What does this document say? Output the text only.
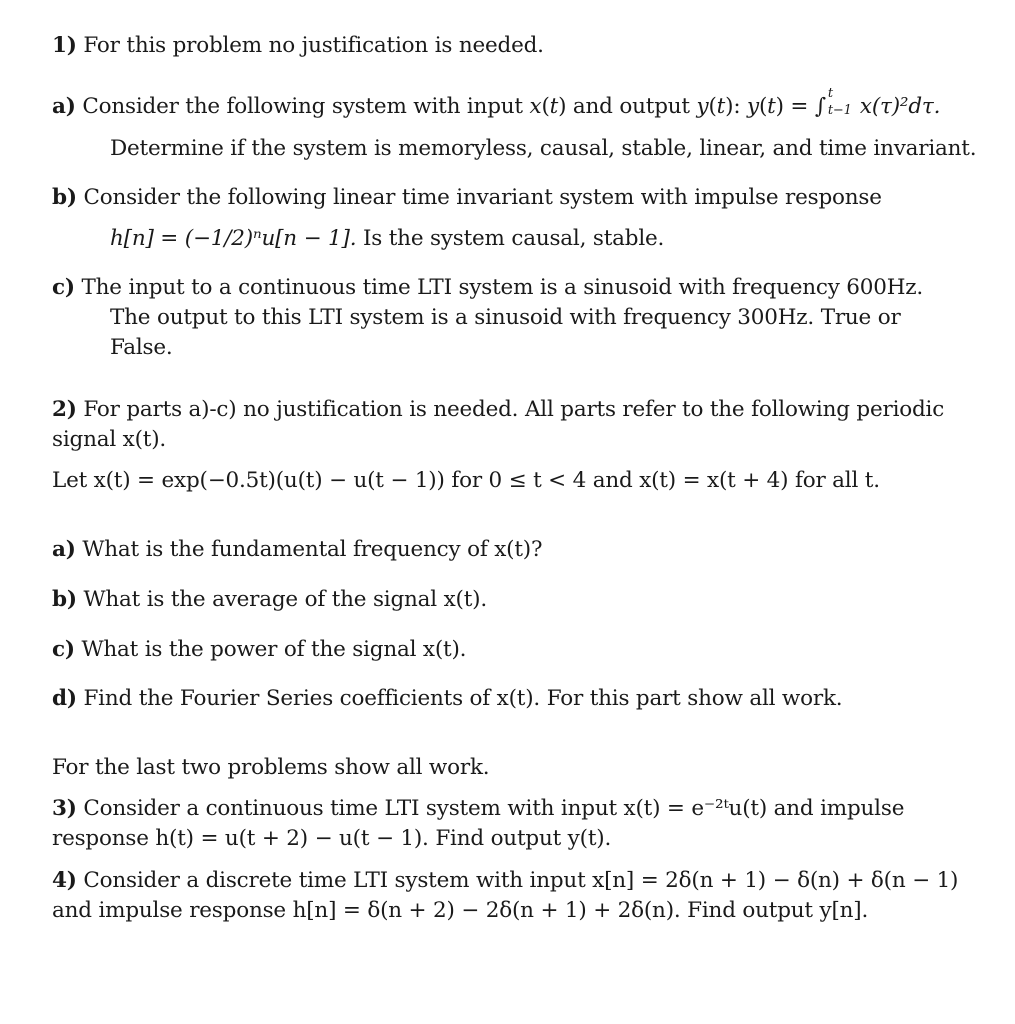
1) For this problem no justification is needed.
a) Consider the following system with input x(t) and output y(t): y(t) = ∫
t
t−1 x(τ)²dτ.
Determine if the system is memoryless, causal, stable, linear, and time invariant.
b) Consider the following linear time invariant system with impulse response
h[n] = (−1/2)ⁿu[n − 1]. Is the system causal, stable.
c) The input to a continuous time LTI system is a sinusoid with frequency 600Hz.
The output to this LTI system is a sinusoid with frequency 300Hz. True or
False.
2) For parts a)-c) no justification is needed. All parts refer to the following periodic
signal x(t).
Let x(t) = exp(−0.5t)(u(t) − u(t − 1)) for 0 ≤ t < 4 and x(t) = x(t + 4) for all t.
a) What is the fundamental frequency of x(t)?
b) What is the average of the signal x(t).
c) What is the power of the signal x(t).
d) Find the Fourier Series coefficients of x(t). For this part show all work.
For the last two problems show all work.
3) Consider a continuous time LTI system with input x(t) = e⁻²ᵗu(t) and impulse
response h(t) = u(t + 2) − u(t − 1). Find output y(t).
4) Consider a discrete time LTI system with input x[n] = 2δ(n + 1) − δ(n) + δ(n − 1)
and impulse response h[n] = δ(n + 2) − 2δ(n + 1) + 2δ(n). Find output y[n].
